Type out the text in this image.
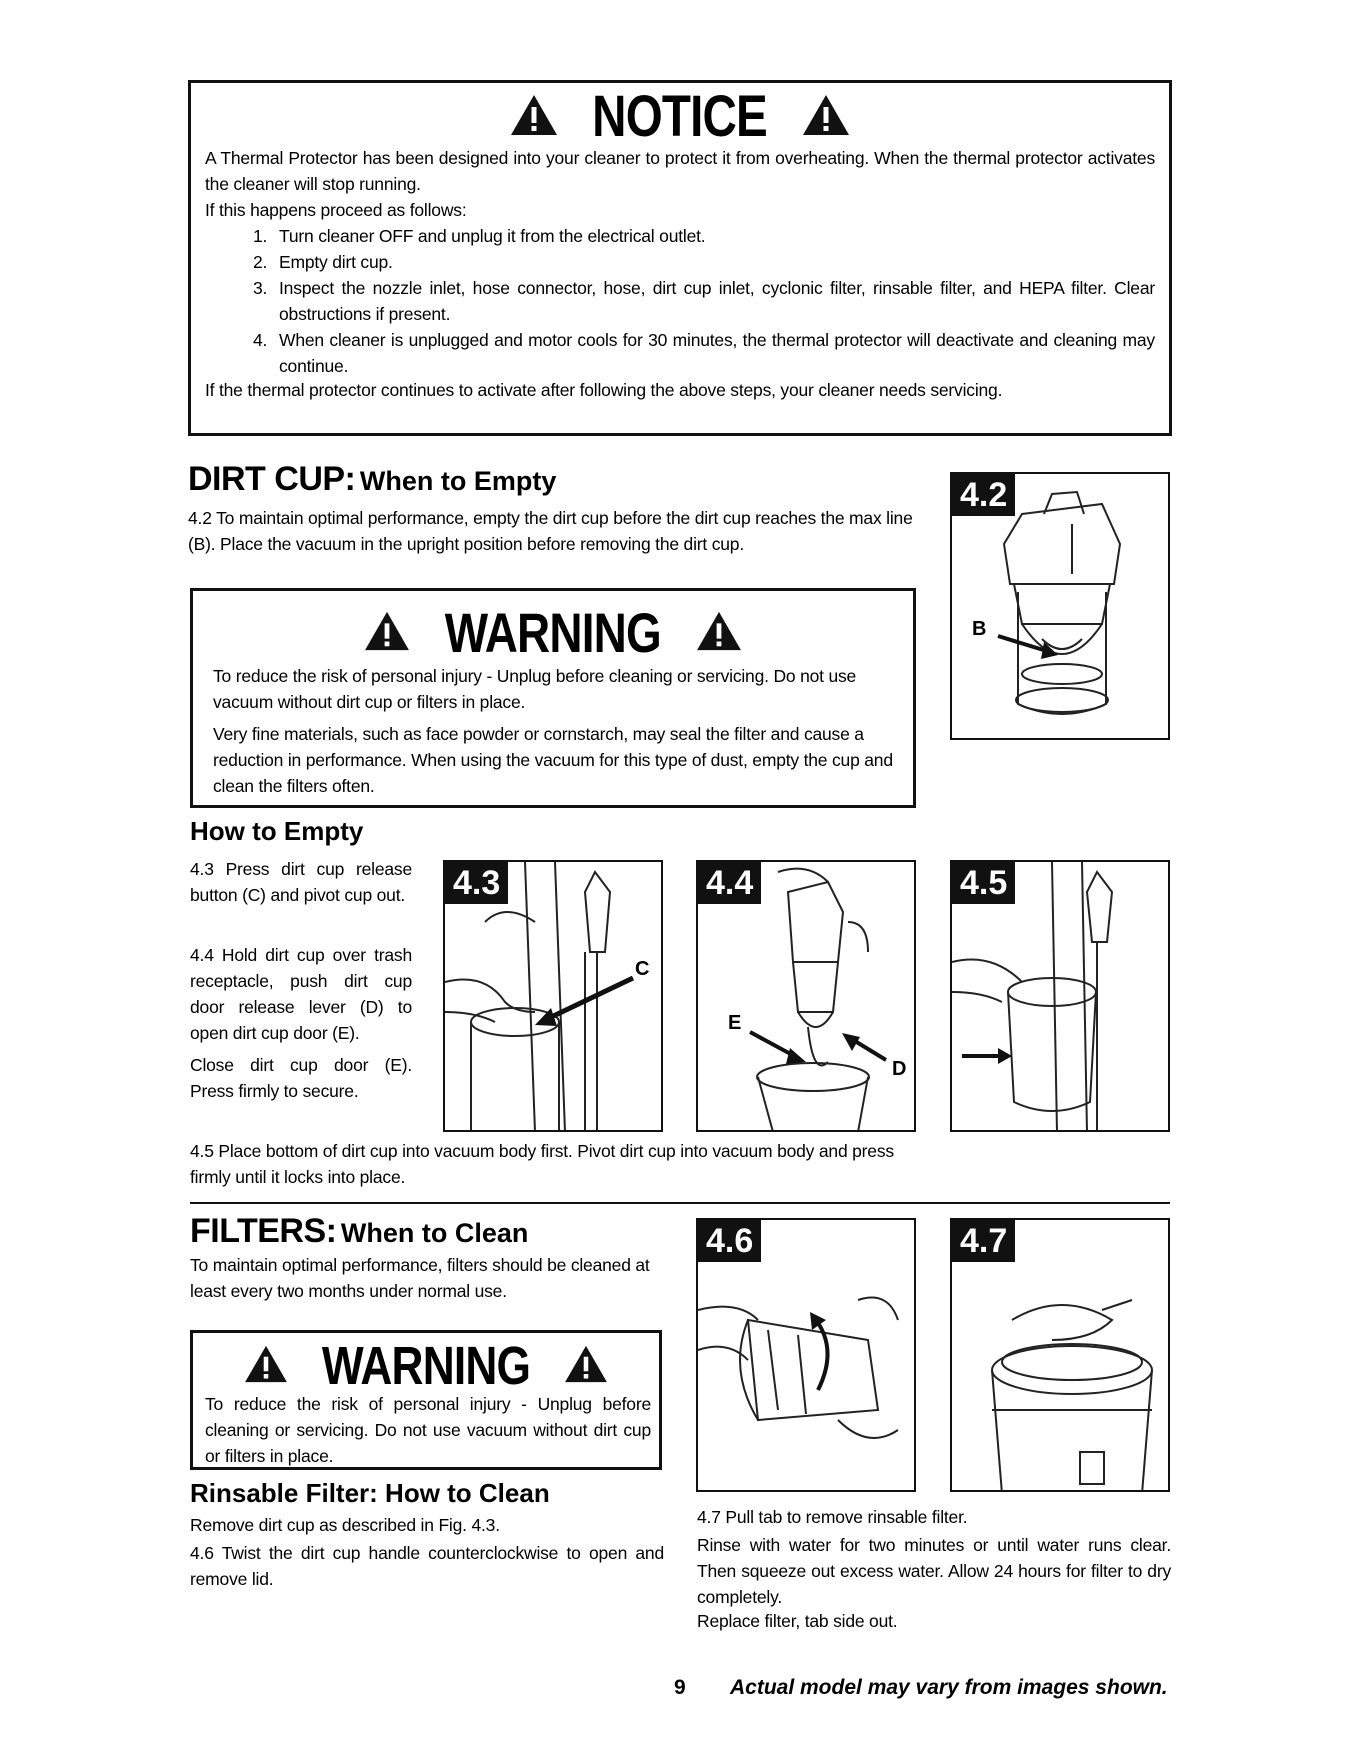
NOTICE
A Thermal Protector has been designed into your cleaner to protect it from overheating. When the thermal protector activates the cleaner will stop running.
If this happens proceed as follows:
1. Turn cleaner OFF and unplug it from the electrical outlet.
2. Empty dirt cup.
3. Inspect the nozzle inlet, hose connector, hose, dirt cup inlet, cyclonic filter, rinsable filter, and HEPA filter. Clear obstructions if present.
4. When cleaner is unplugged and motor cools for 30 minutes, the thermal protector will deactivate and cleaning may continue.
If the thermal protector continues to activate after following the above steps, your cleaner needs servicing.
DIRT CUP: When to Empty
4.2 To maintain optimal performance, empty the dirt cup before the dirt cup reaches the max line (B). Place the vacuum in the upright position before removing the dirt cup.
WARNING
To reduce the risk of personal injury - Unplug before cleaning or servicing. Do not use vacuum without dirt cup or filters in place.
Very fine materials, such as face powder or cornstarch, may seal the filter and cause a reduction in performance. When using the vacuum for this type of dust, empty the cup and clean the filters often.
4.2
B
How to Empty
4.3 Press dirt cup release button (C) and pivot cup out.
4.4 Hold dirt cup over trash receptacle, push dirt cup door release lever (D) to open dirt cup door (E).
Close dirt cup door (E). Press firmly to secure.
4.3
C
4.4
E
D
4.5
4.5 Place bottom of dirt cup into vacuum body first. Pivot dirt cup into vacuum body and press firmly until it locks into place.
FILTERS: When to Clean
To maintain optimal performance, filters should be cleaned at least every two months under normal use.
WARNING
To reduce the risk of personal injury - Unplug before cleaning or servicing. Do not use vacuum without dirt cup or filters in place.
Rinsable Filter: How to Clean
Remove dirt cup as described in Fig. 4.3.
4.6 Twist the dirt cup handle counterclockwise to open and remove lid.
4.6	4.7
4.7 Pull tab to remove rinsable filter.
Rinse with water for two minutes or until water runs clear. Then squeeze out excess water. Allow 24 hours for filter to dry completely.
Replace filter, tab side out.
9 Actual model may vary from images shown.
